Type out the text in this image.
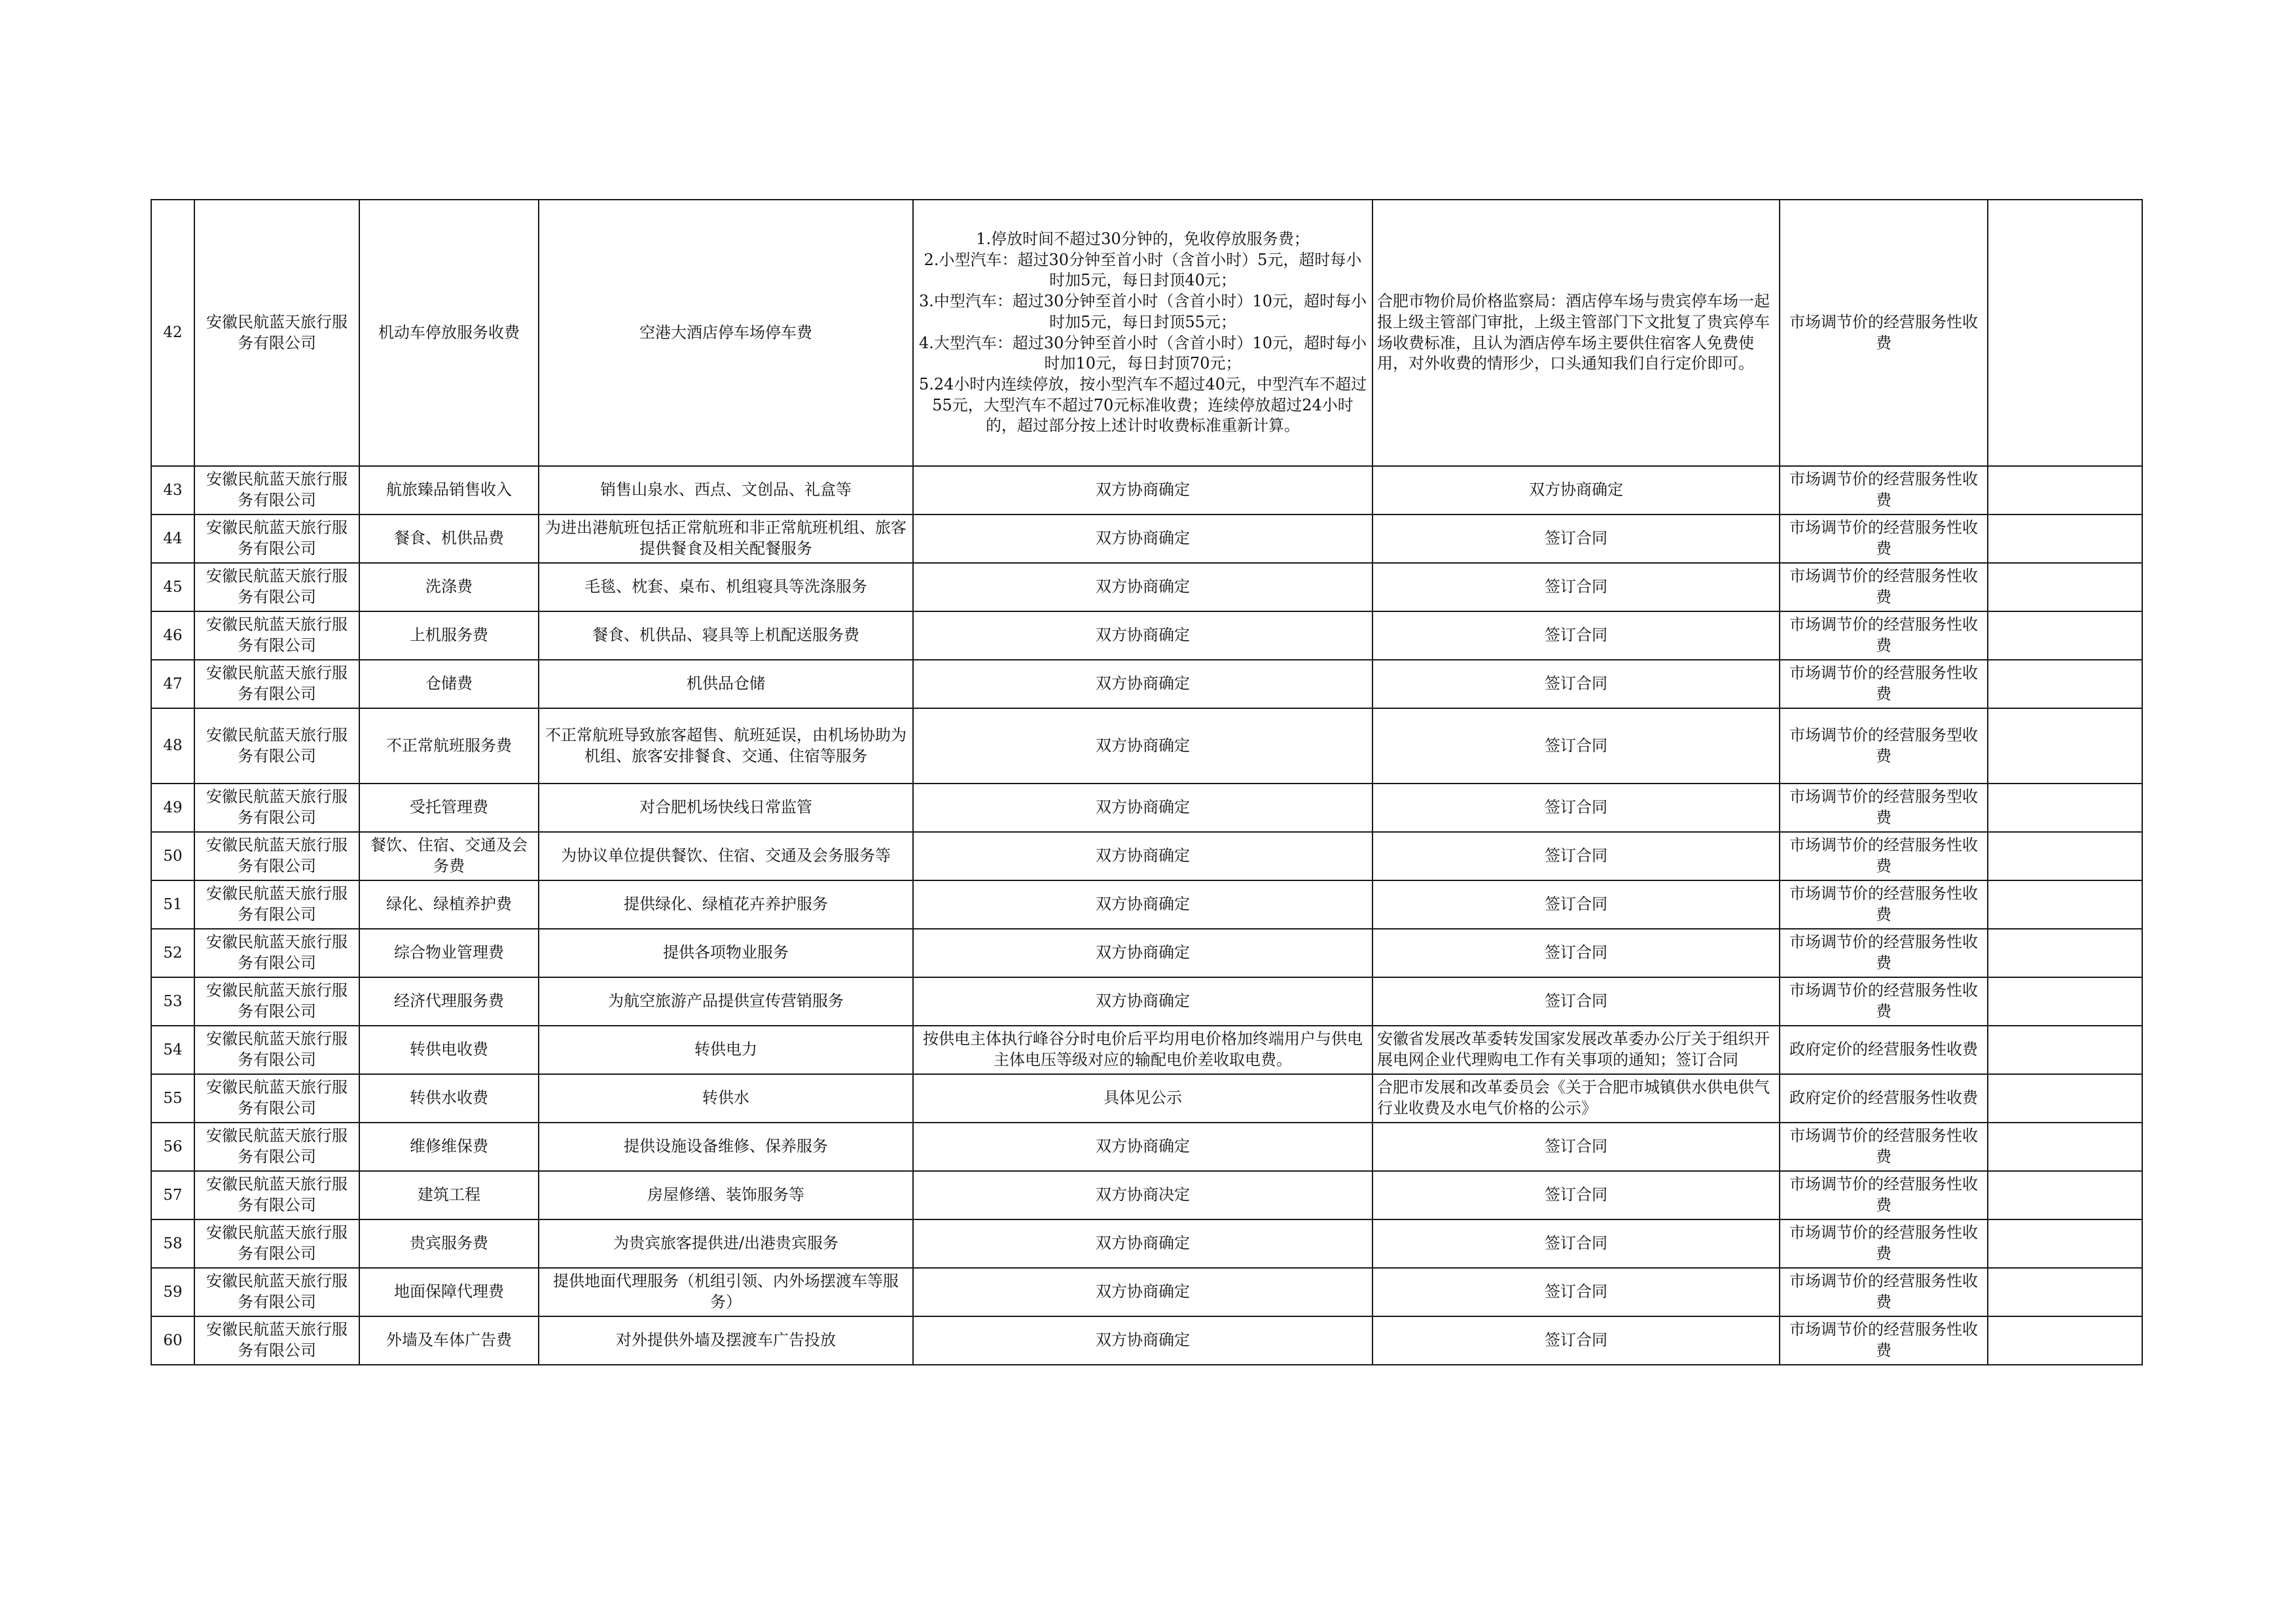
42	安徽民航蓝天旅行服务有限公司	机动车停放服务收费	空港大酒店停车场停车费	1.停放时间不超过30分钟的，免收停放服务费；
2.小型汽车：超过30分钟至首小时（含首小时）5元，超时每小时加5元，每日封顶40元；
3.中型汽车：超过30分钟至首小时（含首小时）10元，超时每小时加5元，每日封顶55元；
4.大型汽车：超过30分钟至首小时（含首小时）10元，超时每小时加10元，每日封顶70元；
5.24小时内连续停放，按小型汽车不超过40元，中型汽车不超过55元，大型汽车不超过70元标准收费；连续停放超过24小时的，超过部分按上述计时收费标准重新计算。	合肥市物价局价格监察局：酒店停车场与贵宾停车场一起报上级主管部门审批，上级主管部门下文批复了贵宾停车场收费标准，且认为酒店停车场主要供住宿客人免费使用，对外收费的情形少，口头通知我们自行定价即可。	市场调节价的经营服务性收费	
43	安徽民航蓝天旅行服务有限公司	航旅臻品销售收入	销售山泉水、西点、文创品、礼盒等	双方协商确定	双方协商确定	市场调节价的经营服务性收费	
44	安徽民航蓝天旅行服务有限公司	餐食、机供品费	为进出港航班包括正常航班和非正常航班机组、旅客提供餐食及相关配餐服务	双方协商确定	签订合同	市场调节价的经营服务性收费	
45	安徽民航蓝天旅行服务有限公司	洗涤费	毛毯、枕套、桌布、机组寝具等洗涤服务	双方协商确定	签订合同	市场调节价的经营服务性收费	
46	安徽民航蓝天旅行服务有限公司	上机服务费	餐食、机供品、寝具等上机配送服务费	双方协商确定	签订合同	市场调节价的经营服务性收费	
47	安徽民航蓝天旅行服务有限公司	仓储费	机供品仓储	双方协商确定	签订合同	市场调节价的经营服务性收费	
48	安徽民航蓝天旅行服务有限公司	不正常航班服务费	不正常航班导致旅客超售、航班延误，由机场协助为机组、旅客安排餐食、交通、住宿等服务	双方协商确定	签订合同	市场调节价的经营服务型收费	
49	安徽民航蓝天旅行服务有限公司	受托管理费	对合肥机场快线日常监管	双方协商确定	签订合同	市场调节价的经营服务型收费	
50	安徽民航蓝天旅行服务有限公司	餐饮、住宿、交通及会务费	为协议单位提供餐饮、住宿、交通及会务服务等	双方协商确定	签订合同	市场调节价的经营服务性收费	
51	安徽民航蓝天旅行服务有限公司	绿化、绿植养护费	提供绿化、绿植花卉养护服务	双方协商确定	签订合同	市场调节价的经营服务性收费	
52	安徽民航蓝天旅行服务有限公司	综合物业管理费	提供各项物业服务	双方协商确定	签订合同	市场调节价的经营服务性收费	
53	安徽民航蓝天旅行服务有限公司	经济代理服务费	为航空旅游产品提供宣传营销服务	双方协商确定	签订合同	市场调节价的经营服务性收费	
54	安徽民航蓝天旅行服务有限公司	转供电收费	转供电力	按供电主体执行峰谷分时电价后平均用电价格加终端用户与供电主体电压等级对应的输配电价差收取电费。	安徽省发展改革委转发国家发展改革委办公厅关于组织开展电网企业代理购电工作有关事项的通知；签订合同	政府定价的经营服务性收费	
55	安徽民航蓝天旅行服务有限公司	转供水收费	转供水	具体见公示	合肥市发展和改革委员会《关于合肥市城镇供水供电供气行业收费及水电气价格的公示》	政府定价的经营服务性收费	
56	安徽民航蓝天旅行服务有限公司	维修维保费	提供设施设备维修、保养服务	双方协商确定	签订合同	市场调节价的经营服务性收费	
57	安徽民航蓝天旅行服务有限公司	建筑工程	房屋修缮、装饰服务等	双方协商决定	签订合同	市场调节价的经营服务性收费	
58	安徽民航蓝天旅行服务有限公司	贵宾服务费	为贵宾旅客提供进/出港贵宾服务	双方协商确定	签订合同	市场调节价的经营服务性收费	
59	安徽民航蓝天旅行服务有限公司	地面保障代理费	提供地面代理服务（机组引领、内外场摆渡车等服务）	双方协商确定	签订合同	市场调节价的经营服务性收费	
60	安徽民航蓝天旅行服务有限公司	外墙及车体广告费	对外提供外墙及摆渡车广告投放	双方协商确定	签订合同	市场调节价的经营服务性收费	
